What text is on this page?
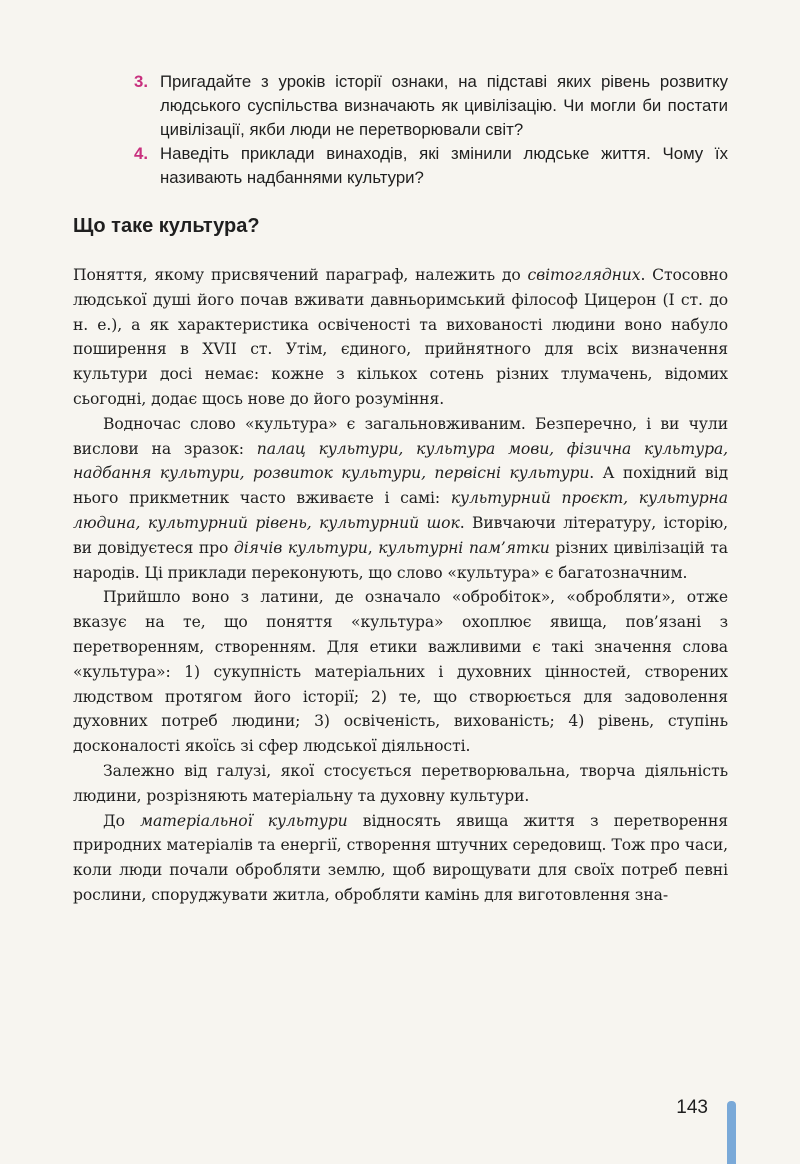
3. Пригадайте з уроків історії ознаки, на підставі яких рівень розвитку людського суспільства визначають як цивілізацію. Чи могли би постати цивілізації, якби люди не перетворювали світ?
4. Наведіть приклади винаходів, які змінили людське життя. Чому їх називають надбаннями культури?
Що таке культура?

Поняття, якому присвячений параграф, належить до світоглядних. Стосовно людської душі його почав вживати давньоримський філософ Цицерон (І ст. до н. е.), а як характеристика освіченості та вихованості людини воно набуло поширення в XVII ст. Утім, єдиного, прийнятного для всіх визначення культури досі немає: кожне з кількох сотень різних тлумачень, відомих сьогодні, додає щось нове до його розуміння.

Водночас слово «культура» є загальновживаним. Безперечно, і ви чули вислови на зразок: палац культури, культура мови, фізична культура, надбання культури, розвиток культури, первісні культури. А похідний від нього прикметник часто вживаєте і самі: культурний проєкт, культурна людина, культурний рівень, культурний шок. Вивчаючи літературу, історію, ви довідуєтеся про діячів культури, культурні пам’ятки різних цивілізацій та народів. Ці приклади переконують, що слово «культура» є багатозначним.

Прийшло воно з латини, де означало «обробіток», «обробляти», отже вказує на те, що поняття «культура» охоплює явища, пов’язані з перетворенням, створенням. Для етики важливими є такі значення слова «культура»: 1) сукупність матеріальних і духовних цінностей, створених людством протягом його історії; 2) те, що створюється для задоволення духовних потреб людини; 3) освіченість, вихованість; 4) рівень, ступінь досконалості якоїсь зі сфер людської діяльності.

Залежно від галузі, якої стосується перетворювальна, творча діяльність людини, розрізняють матеріальну та духовну культури.

До матеріальної культури відносять явища життя з перетворення природних матеріалів та енергії, створення штучних середовищ. Тож про часи, коли люди почали обробляти землю, щоб вирощувати для своїх потреб певні рослини, споруджувати житла, обробляти камінь для виготовлення зна-

143
